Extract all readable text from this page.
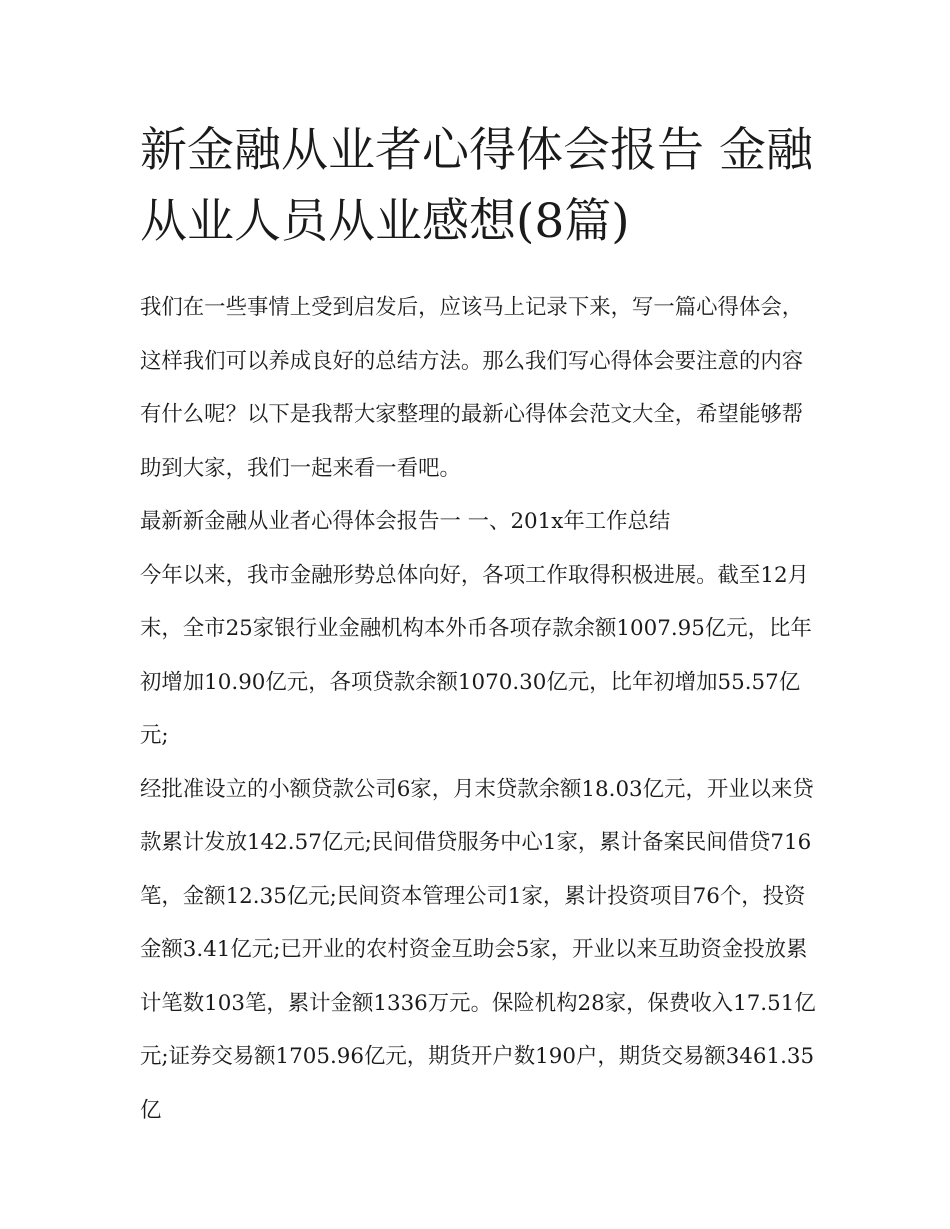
新金融从业者心得体会报告 金融从业人员从业感想(8篇)

我们在一些事情上受到启发后，应该马上记录下来，写一篇心得体会，这样我们可以养成良好的总结方法。那么我们写心得体会要注意的内容有什么呢？以下是我帮大家整理的最新心得体会范文大全，希望能够帮助到大家，我们一起来看一看吧。

最新新金融从业者心得体会报告一 一、201x年工作总结

今年以来，我市金融形势总体向好，各项工作取得积极进展。截至12月末，全市25家银行业金融机构本外币各项存款余额1007.95亿元，比年初增加10.90亿元，各项贷款余额1070.30亿元，比年初增加55.57亿元;

经批准设立的小额贷款公司6家，月末贷款余额18.03亿元，开业以来贷款累计发放142.57亿元;民间借贷服务中心1家，累计备案民间借贷716笔，金额12.35亿元;民间资本管理公司1家，累计投资项目76个，投资金额3.41亿元;已开业的农村资金互助会5家，开业以来互助资金投放累计笔数103笔，累计金额1336万元。保险机构28家，保费收入17.51亿元;证券交易额1705.96亿元，期货开户数190户，期货交易额3461.35亿
